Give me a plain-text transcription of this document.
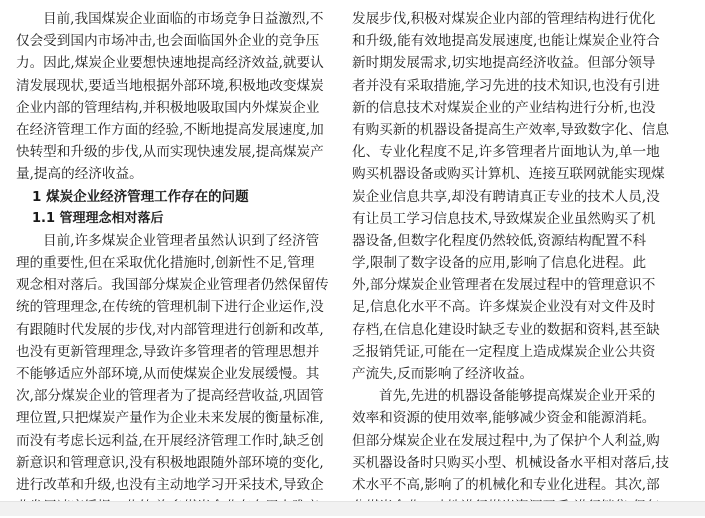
目前,我国煤炭企业面临的市场竞争日益激烈,不
仅会受到国内市场冲击,也会面临国外企业的竞争压
力。因此,煤炭企业要想快速地提高经济效益,就要认
清发展现状,要适当地根据外部环境,积极地改变煤炭
企业内部的管理结构,并积极地吸取国内外煤炭企业
在经济管理工作方面的经验,不断地提高发展速度,加
快转型和升级的步伐,从而实现快速发展,提高煤炭产
量,提高的经济收益。
1 煤炭企业经济管理工作存在的问题
1.1 管理理念相对落后
目前,许多煤炭企业管理者虽然认识到了经济管
理的重要性,但在采取优化措施时,创新性不足,管理
观念相对落后。我国部分煤炭企业管理者仍然保留传
统的管理理念,在传统的管理机制下进行企业运作,没
有跟随时代发展的步伐,对内部管理进行创新和改革,
也没有更新管理理念,导致许多管理者的管理思想并
不能够适应外部环境,从而使煤炭企业发展缓慢。其
次,部分煤炭企业的管理者为了提高经营收益,巩固管
理位置,只把煤炭产量作为企业未来发展的衡量标准,
而没有考虑长远利益,在开展经济管理工作时,缺乏创
新意识和管理意识,没有积极地跟随外部环境的变化,
进行改革和升级,也没有主动地学习开采技术,导致企
发展步伐,积极对煤炭企业内部的管理结构进行优化
和升级,能有效地提高发展速度,也能让煤炭企业符合
新时期发展需求,切实地提高经济收益。但部分领导
者并没有采取措施,学习先进的技术知识,也没有引进
新的信息技术对煤炭企业的产业结构进行分析,也没
有购买新的机器设备提高生产效率,导致数字化、信息
化、专业化程度不足,许多管理者片面地认为,单一地
购买机器设备或购买计算机、连接互联网就能实现煤
炭企业信息共享,却没有聘请真正专业的技术人员,没
有让员工学习信息技术,导致煤炭企业虽然购买了机
器设备,但数字化程度仍然较低,资源结构配置不科
学,限制了数字设备的应用,影响了信息化进程。此
外,部分煤炭企业管理者在发展过程中的管理意识不
足,信息化水平不高。许多煤炭企业没有对文件及时
存档,在信息化建设时缺乏专业的数据和资料,甚至缺
乏报销凭证,可能在一定程度上造成煤炭企业公共资
产流失,反而影响了经济收益。
首先,先进的机器设备能够提高煤炭企业开采的
效率和资源的使用效率,能够减少资金和能源消耗。
但部分煤炭企业在发展过程中,为了保护个人利益,购
买机器设备时只购买小型、机械设备水平相对落后,技
术水平不高,影响了的机械化和专业化进程。其次,部
